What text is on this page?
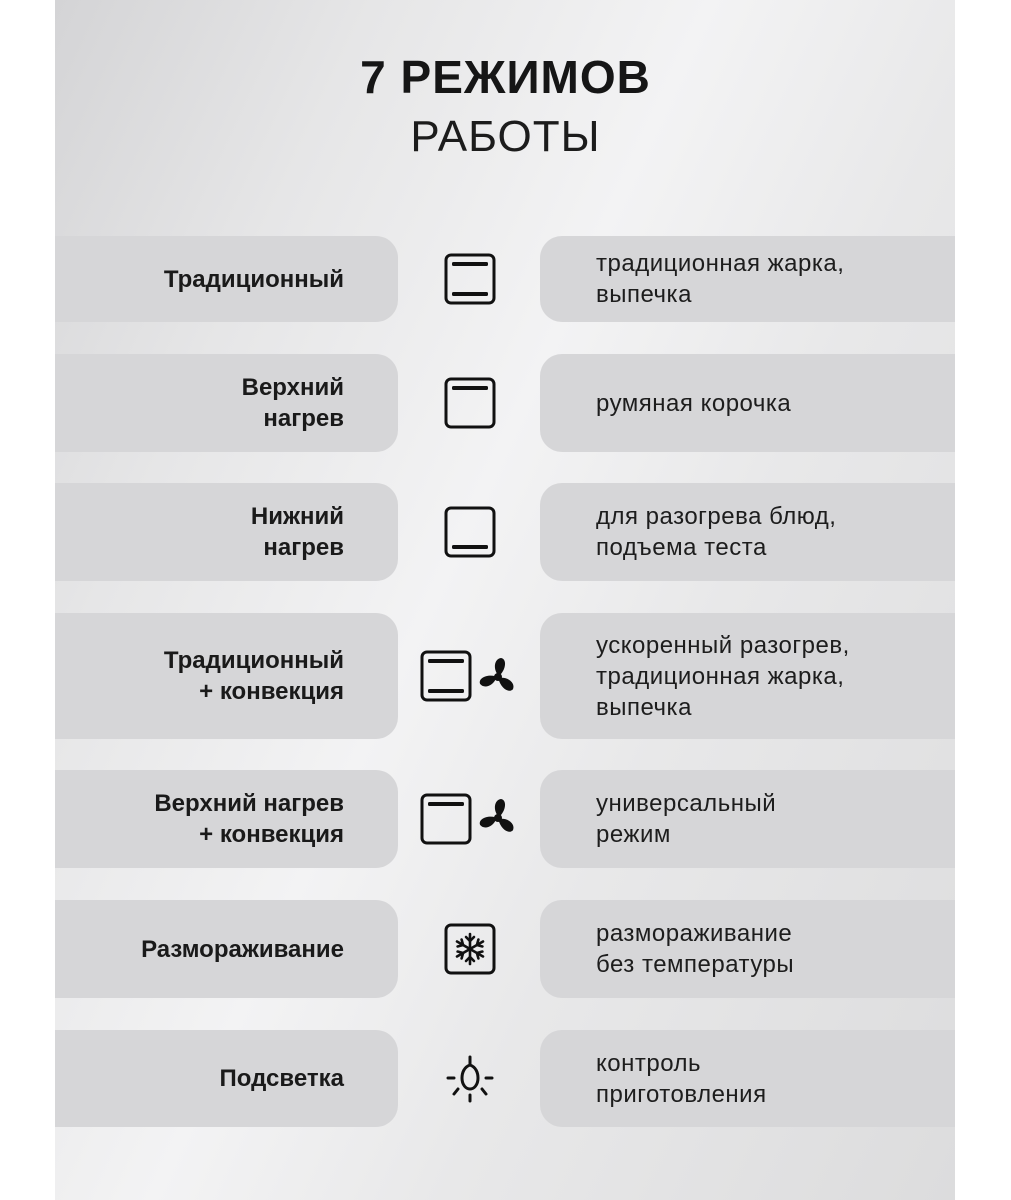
7 РЕЖИМОВ
РАБОТЫ
Традиционный
традиционная жарка,
выпечка
Верхний
нагрев
румяная корочка
Нижний
нагрев
для разогрева блюд,
подъема теста
Традиционный
+ конвекция
ускоренный разогрев,
традиционная жарка,
выпечка
Верхний нагрев
+ конвекция
универсальный
режим
Размораживание
размораживание
без температуры
Подсветка
контроль
приготовления
